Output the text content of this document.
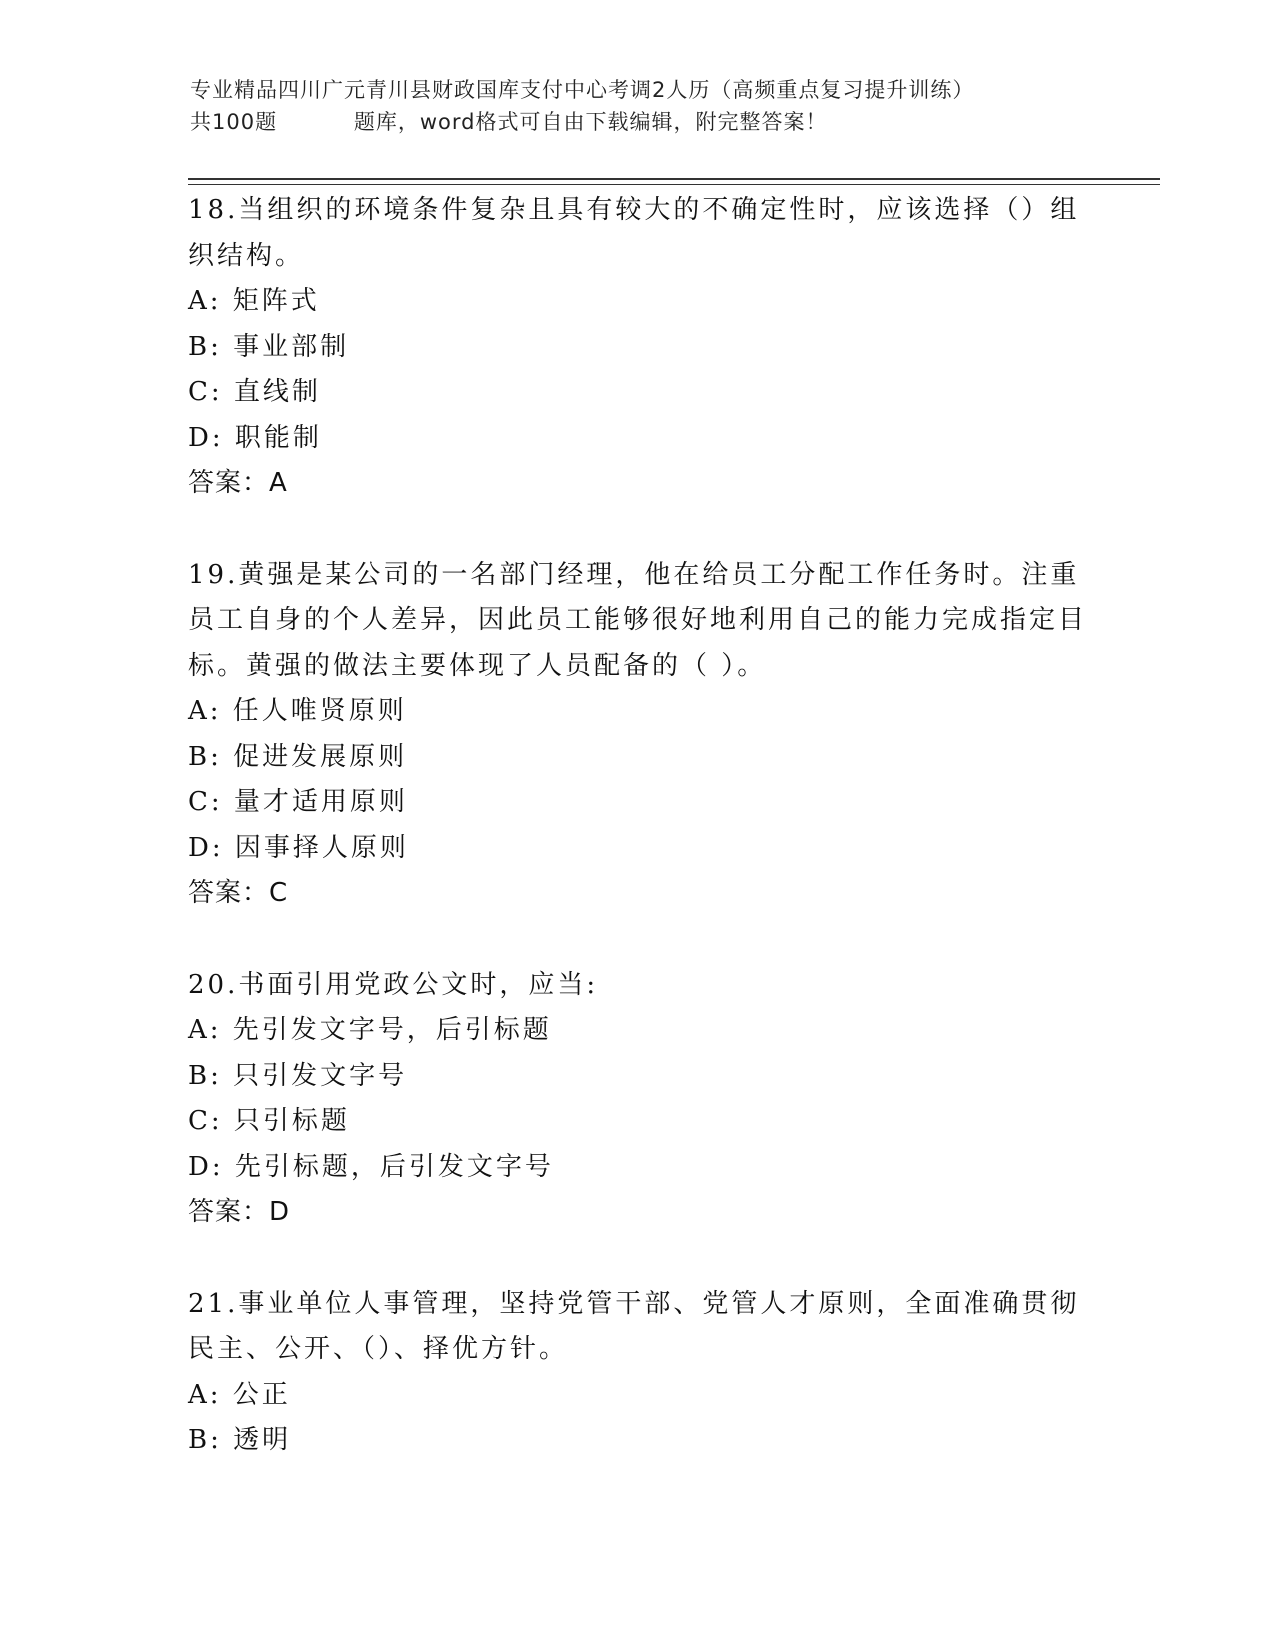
专业精品四川广元青川县财政国库支付中心考调2人历（高频重点复习提升训练）
共100题          题库，word格式可自由下载编辑，附完整答案！

18.当组织的环境条件复杂且具有较大的不确定性时，应该选择（）组织结构。

A: 矩阵式

B: 事业部制

C: 直线制

D: 职能制

答案：A

19.黄强是某公司的一名部门经理，他在给员工分配工作任务时。注重员工自身的个人差异，因此员工能够很好地利用自己的能力完成指定目标。黄强的做法主要体现了人员配备的（ ）。

A: 任人唯贤原则

B: 促进发展原则

C: 量才适用原则

D: 因事择人原则

答案：C

20.书面引用党政公文时，应当:

A: 先引发文字号，后引标题

B: 只引发文字号

C: 只引标题

D: 先引标题，后引发文字号

答案：D

21.事业单位人事管理，坚持党管干部、党管人才原则，全面准确贯彻民主、公开、（）、择优方针。

A: 公正

B: 透明
